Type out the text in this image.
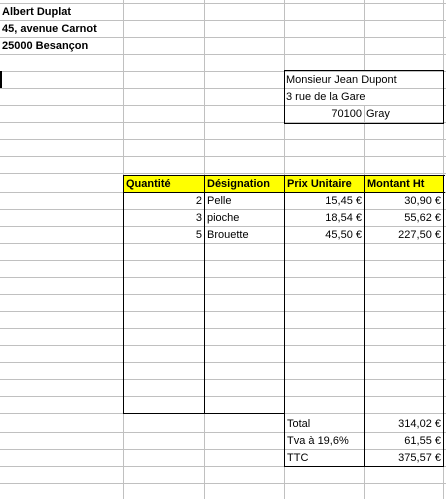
Albert Duplat
45, avenue Carnot
25000 Besançon
Monsieur Jean Dupont
3 rue de la Gare
70100 Gray
Quantité	Désignation	Prix Unitaire	Montant Ht
2 Pelle	15,45 €	30,90 €
3 pioche	18,54 €	55,62 €
5 Brouette	45,50 €	227,50 €
Total	314,02 €
Tva à 19,6%	61,55 €
TTC	375,57 €
